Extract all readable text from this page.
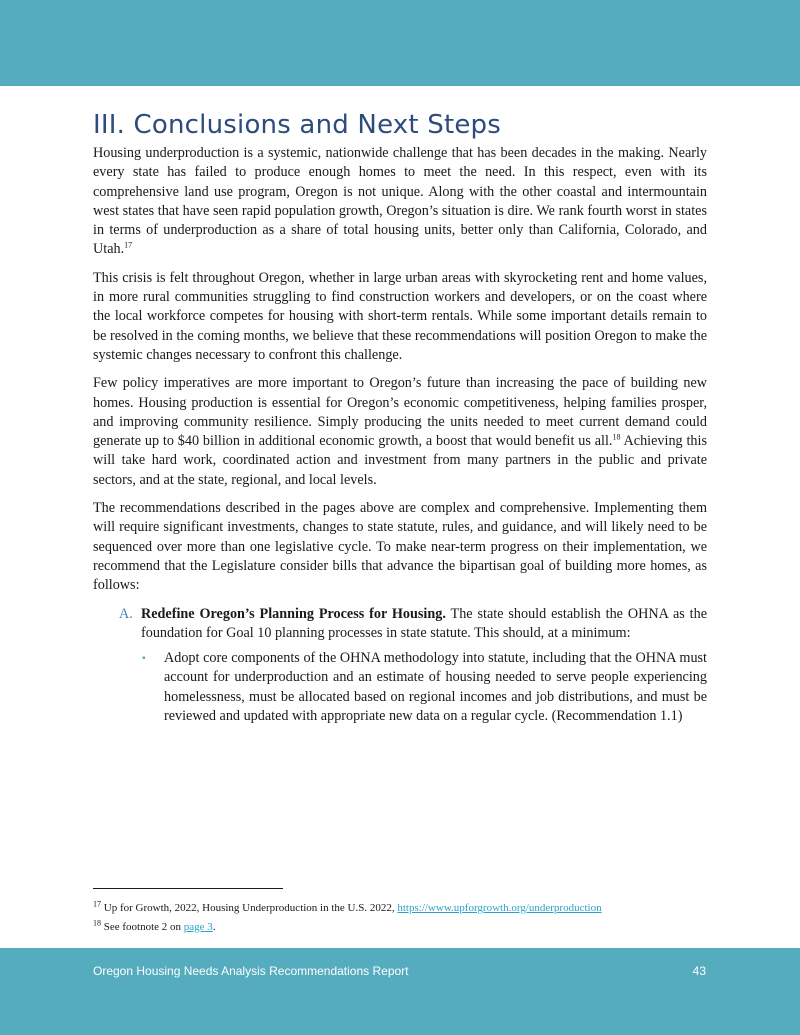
III. Conclusions and Next Steps

Housing underproduction is a systemic, nationwide challenge that has been decades in the making. Nearly every state has failed to produce enough homes to meet the need. In this respect, even with its comprehensive land use program, Oregon is not unique. Along with the other coastal and intermountain west states that have seen rapid population growth, Oregon’s situation is dire. We rank fourth worst in states in terms of underproduction as a share of total housing units, better only than California, Colorado, and Utah.$^{17}$

This crisis is felt throughout Oregon, whether in large urban areas with skyrocketing rent and home values, in more rural communities struggling to find construction workers and developers, or on the coast where the local workforce competes for housing with short-term rentals. While some important details remain to be resolved in the coming months, we believe that these recommendations will position Oregon to make the systemic changes necessary to confront this challenge.

Few policy imperatives are more important to Oregon’s future than increasing the pace of building new homes. Housing production is essential for Oregon’s economic competitiveness, helping families prosper, and improving community resilience. Simply producing the units needed to meet current demand could generate up to $40 billion in additional economic growth, a boost that would benefit us all.$^{18}$ Achieving this will take hard work, coordinated action and investment from many partners in the public and private sectors, and at the state, regional, and local levels.

The recommendations described in the pages above are complex and comprehensive. Implementing them will require significant investments, changes to state statute, rules, and guidance, and will likely need to be sequenced over more than one legislative cycle. To make near-term progress on their implementation, we recommend that the Legislature consider bills that advance the bipartisan goal of building more homes, as follows:

A. Redefine Oregon’s Planning Process for Housing. The state should establish the OHNA as the foundation for Goal 10 planning processes in state statute. This should, at a minimum:
▪ Adopt core components of the OHNA methodology into statute, including that the OHNA must account for underproduction and an estimate of housing needed to serve people experiencing homelessness, must be allocated based on regional incomes and job distributions, and must be reviewed and updated with appropriate new data on a regular cycle. (Recommendation 1.1)
$^{17}$ Up for Growth, 2022, Housing Underproduction in the U.S. 2022, https://www.upforgrowth.org/underproduction
$^{18}$ See footnote 2 on page 3.
Oregon Housing Needs Analysis Recommendations Report	43
